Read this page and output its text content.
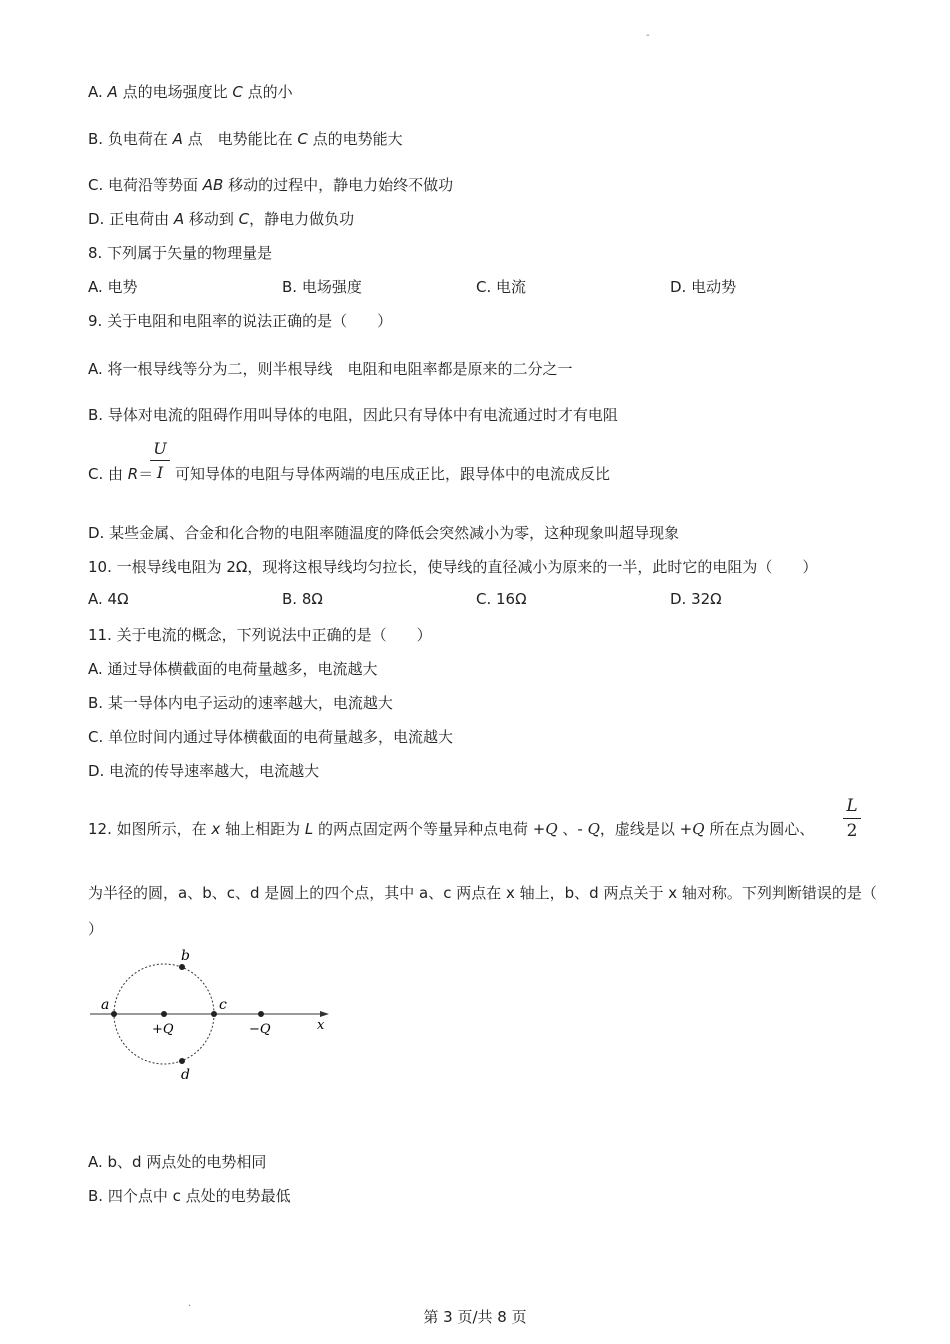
-
A. A 点的电场强度比 C 点的小
B. 负电荷在 A 点　电势能比在 C 点的电势能大
C. 电荷沿等势面 AB 移动的过程中，静电力始终不做功
D. 正电荷由 A 移动到 C，静电力做负功
8. 下列属于矢量的物理量是
A. 电势	B. 电场强度	C. 电流	D. 电动势
9. 关于电阻和电阻率的说法正确的是（　　）
A. 将一根导线等分为二，则半根导线　电阻和电阻率都是原来的二分之一
B. 导体对电流的阻碍作用叫导体的电阻，因此只有导体中有电流通过时才有电阻
C. 由 R＝
U
I 可知导体的电阻与导体两端的电压成正比，跟导体中的电流成反比
D. 某些金属、合金和化合物的电阻率随温度的降低会突然减小为零，这种现象叫超导现象
10. 一根导线电阻为 2Ω，现将这根导线均匀拉长，使导线的直径减小为原来的一半，此时它的电阻为（　　）
A. 4Ω	B. 8Ω	C. 16Ω	D. 32Ω
11. 关于电流的概念，下列说法中正确的是（　　）
A. 通过导体横截面的电荷量越多，电流越大
B. 某一导体内电子运动的速率越大，电流越大
C. 单位时间内通过导体横截面的电荷量越多，电流越大
D. 电流的传导速率越大，电流越大
12. 如图所示，在 x 轴上相距为 L 的两点固定两个等量异种点电荷 +Q 、- Q，虚线是以 +Q 所在点为圆心、
L
2
为半径的圆，a、b、c、d 是圆上的四个点，其中 a、c 两点在 x 轴上，b、d 两点关于 x 轴对称。下列判断错误的是（
）
a
b
c
d
+Q	−Q	x
A. b、d 两点处的电势相同
B. 四个点中 c 点处的电势最低
.
第 3 页/共 8 页
